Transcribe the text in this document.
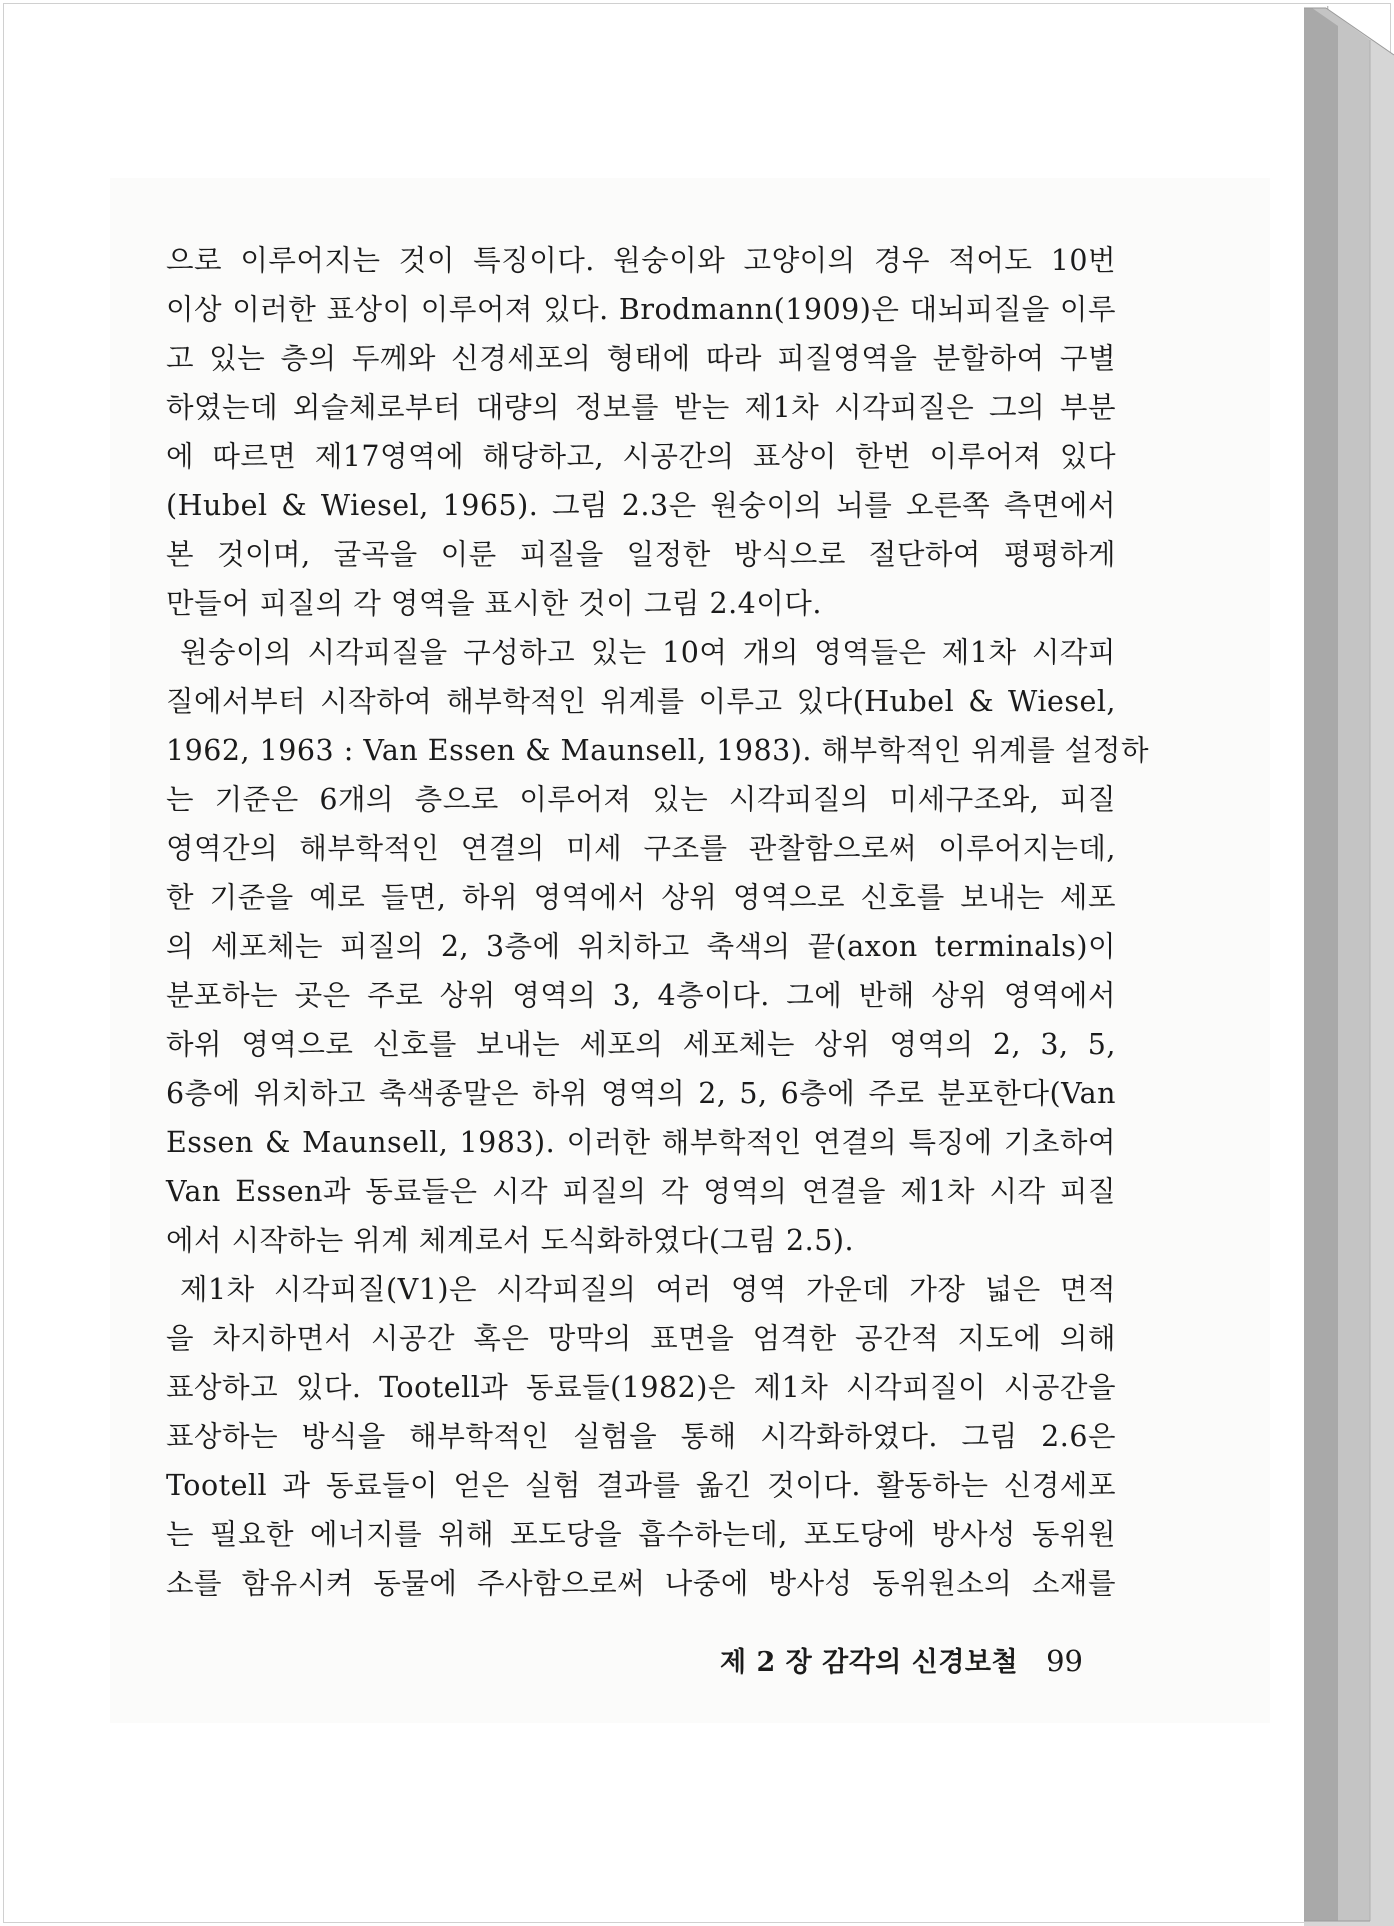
으로 이루어지는 것이 특징이다. 원숭이와 고양이의 경우 적어도 10번
이상 이러한 표상이 이루어져 있다. Brodmann(1909)은 대뇌피질을 이루
고 있는 층의 두께와 신경세포의 형태에 따라 피질영역을 분할하여 구별
하였는데 외슬체로부터 대량의 정보를 받는 제1차 시각피질은 그의 부분
에 따르면 제17영역에 해당하고, 시공간의 표상이 한번 이루어져 있다
(Hubel & Wiesel, 1965). 그림 2.3은 원숭이의 뇌를 오른쪽 측면에서
본 것이며, 굴곡을 이룬 피질을 일정한 방식으로 절단하여 평평하게
만들어 피질의 각 영역을 표시한 것이 그림 2.4이다.
원숭이의 시각피질을 구성하고 있는 10여 개의 영역들은 제1차 시각피
질에서부터 시작하여 해부학적인 위계를 이루고 있다(Hubel & Wiesel,
1962, 1963 : Van Essen & Maunsell, 1983). 해부학적인 위계를 설정하
는 기준은 6개의 층으로 이루어져 있는 시각피질의 미세구조와, 피질
영역간의 해부학적인 연결의 미세 구조를 관찰함으로써 이루어지는데,
한 기준을 예로 들면, 하위 영역에서 상위 영역으로 신호를 보내는 세포
의 세포체는 피질의 2, 3층에 위치하고 축색의 끝(axon terminals)이
분포하는 곳은 주로 상위 영역의 3, 4층이다. 그에 반해 상위 영역에서
하위 영역으로 신호를 보내는 세포의 세포체는 상위 영역의 2, 3, 5,
6층에 위치하고 축색종말은 하위 영역의 2, 5, 6층에 주로 분포한다(Van
Essen & Maunsell, 1983). 이러한 해부학적인 연결의 특징에 기초하여
Van Essen과 동료들은 시각 피질의 각 영역의 연결을 제1차 시각 피질
에서 시작하는 위계 체계로서 도식화하였다(그림 2.5).
제1차 시각피질(V1)은 시각피질의 여러 영역 가운데 가장 넓은 면적
을 차지하면서 시공간 혹은 망막의 표면을 엄격한 공간적 지도에 의해
표상하고 있다. Tootell과 동료들(1982)은 제1차 시각피질이 시공간을
표상하는 방식을 해부학적인 실험을 통해 시각화하였다. 그림 2.6은
Tootell 과 동료들이 얻은 실험 결과를 옮긴 것이다. 활동하는 신경세포
는 필요한 에너지를 위해 포도당을 흡수하는데, 포도당에 방사성 동위원
소를 함유시켜 동물에 주사함으로써 나중에 방사성 동위원소의 소재를
제 2 장 감각의 신경보철 99
